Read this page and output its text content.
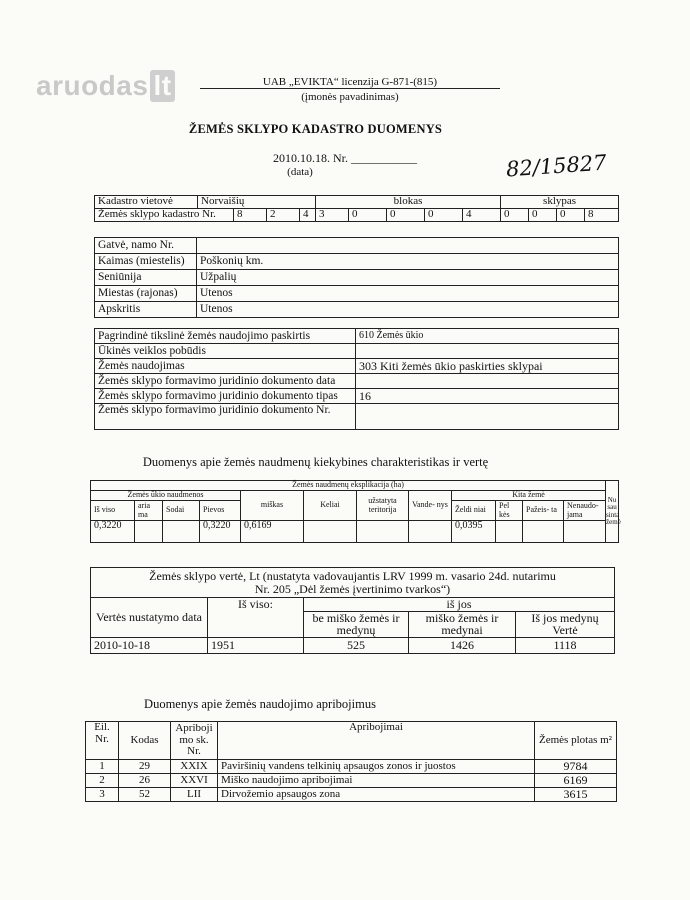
aruodas lt	UAB „EVIKTA“ licenzija G-871-(815)
(įmonės pavadinimas)
ŽEMĖS SKLYPO KADASTRO DUOMENYS
2010.10.18. Nr. ___________
(data)	82/15827
Kadastro vietovė	Norvaišių				blokas					sklypas			
Žemės sklypo kadastro Nr.		8	2	4	3	0	0	0	4	0	0	0	8
Gatvė, namo Nr.	
Kaimas (miestelis)	Poškonių km.
Seniūnija	Užpalių
Miestas (rajonas)	Utenos
Apskritis	Utenos
Pagrindinė tikslinė žemės naudojimo paskirtis	610 Žemės ūkio
Ūkinės veiklos pobūdis	
Žemės naudojimas	303 Kiti žemės ūkio paskirties sklypai
Žemės sklypo formavimo juridinio dokumento data	
Žemės sklypo formavimo juridinio dokumento tipas	16
Žemės sklypo formavimo juridinio dokumento Nr.	
Duomenys apie žemės naudmenų kiekybines charakteristikas ir vertę
Žemės naudmenų eksplikacija (ha)												Nu sau sinta žemė
Žemės ūkio naudmenos				miškas	Keliai	užstatyta teritorija	Vande- nys	Kita žemė				
Iš viso	aria ma	Sodai	Pievos					Želdi niai	Pel kės	Pažeis- ta	Nenaudo- jama	
0,3220			0,3220	0,6169				0,0395				
Žemės sklypo vertė, Lt (nustatyta vadovaujantis LRV 1999 m. vasario 24d. nutarimu
Nr. 205 „Dėl žemės įvertinimo tvarkos“)				
Vertės nustatymo data	Iš viso:	iš jos		
		be miško žemės ir medynų	miško žemės ir medynai	Iš jos medynų Vertė
2010-10-18	1951	525	1426	1118
Duomenys apie žemės naudojimo apribojimus
Eil. Nr.	Kodas	Apriboji mo sk. Nr.	Apribojimai	Žemės plotas m²
1	29	XXIX	Paviršinių vandens telkinių apsaugos zonos ir juostos	9784
2	26	XXVI	Miško naudojimo apribojimai	6169
3	52	LII	Dirvožemio apsaugos zona	3615
